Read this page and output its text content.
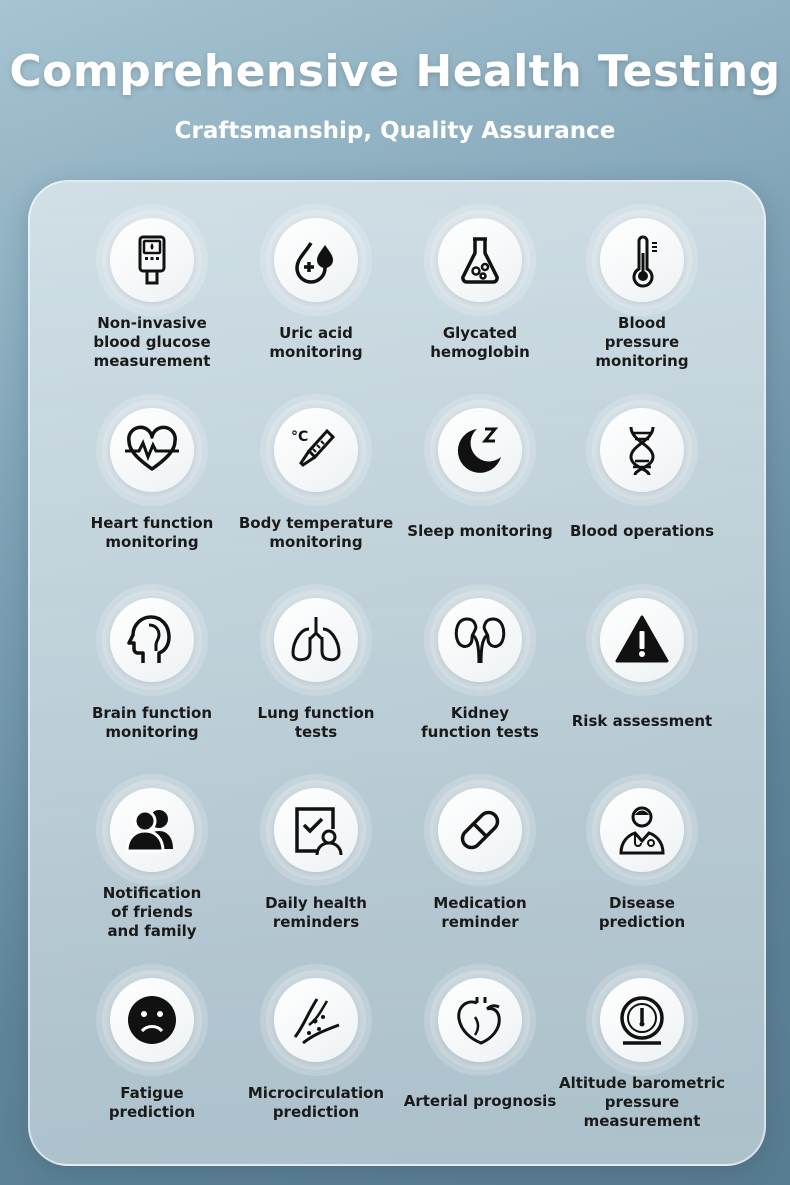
Comprehensive Health Testing
Craftsmanship, Quality Assurance
Non-invasive
blood glucose
measurement
Uric acid
monitoring
Glycated
hemoglobin
Blood
pressure
monitoring
Heart function
monitoring
°C
Body temperature
monitoring
Sleep monitoring	Blood operations
Brain function
monitoring
Lung function
tests
Kidney
function tests
Risk assessment
Notification
of friends
and family
Daily health
reminders
Medication
reminder
Disease
prediction
Fatigue
prediction
Microcirculation
prediction
Arterial prognosis
Altitude barometric
pressure
measurement
